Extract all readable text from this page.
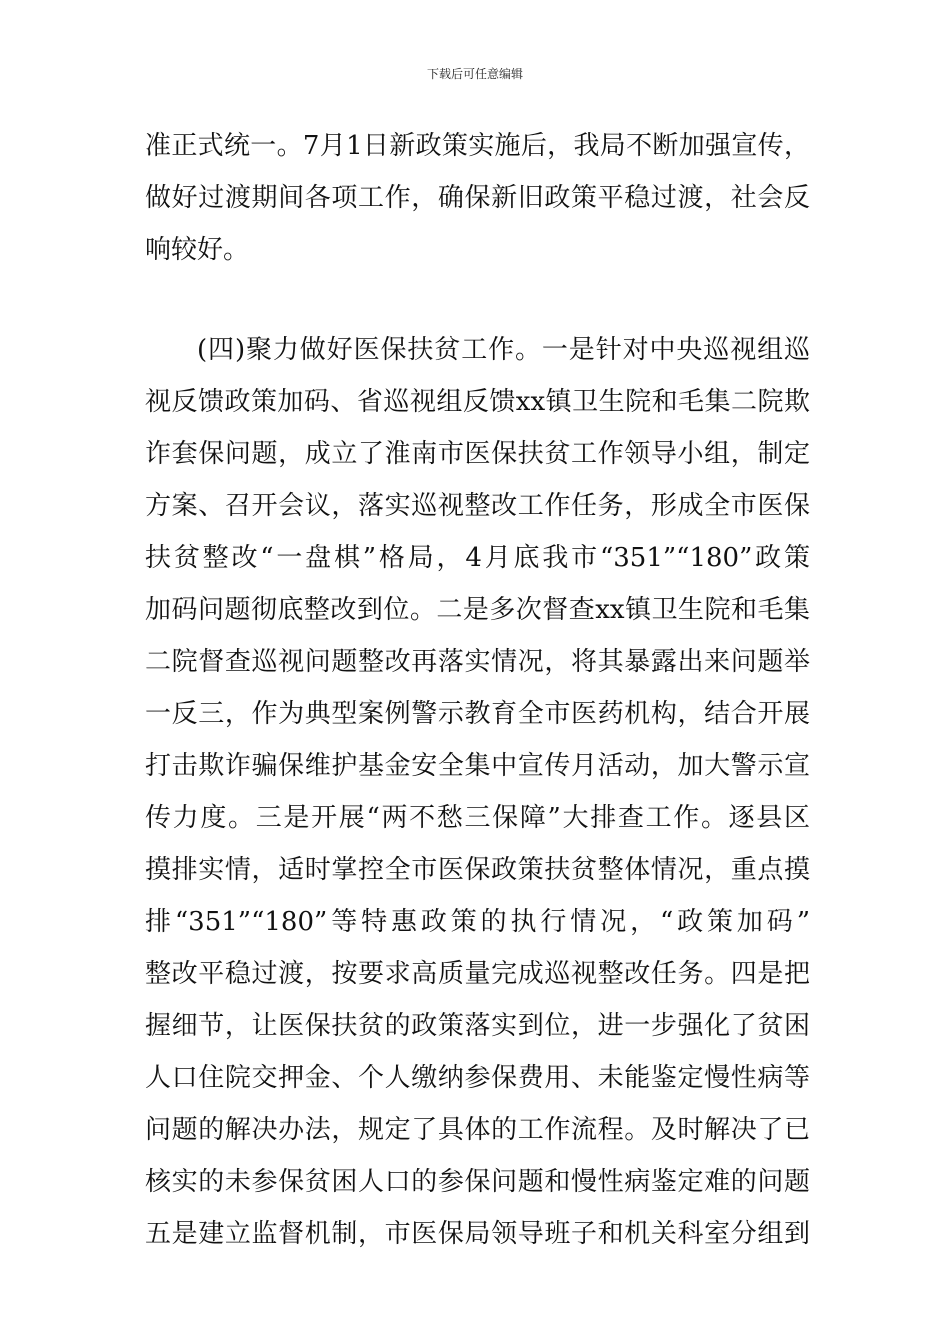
下载后可任意编辑
准正式统一。7月1日新政策实施后，我局不断加强宣传，
做好过渡期间各项工作，确保新旧政策平稳过渡，社会反
响较好。
(四)聚力做好医保扶贫工作。一是针对中央巡视组巡
视反馈政策加码、省巡视组反馈xx镇卫生院和毛集二院欺
诈套保问题，成立了淮南市医保扶贫工作领导小组，制定
方案、召开会议，落实巡视整改工作任务，形成全市医保
扶贫整改“一盘棋”格局，4月底我市“351”“180”政策
加码问题彻底整改到位。二是多次督查xx镇卫生院和毛集
二院督查巡视问题整改再落实情况，将其暴露出来问题举
一反三，作为典型案例警示教育全市医药机构，结合开展
打击欺诈骗保维护基金安全集中宣传月活动，加大警示宣
传力度。三是开展“两不愁三保障”大排查工作。逐县区
摸排实情，适时掌控全市医保政策扶贫整体情况，重点摸
排“351”“180”等特惠政策的执行情况，“政策加码”
整改平稳过渡，按要求高质量完成巡视整改任务。四是把
握细节，让医保扶贫的政策落实到位，进一步强化了贫困
人口住院交押金、个人缴纳参保费用、未能鉴定慢性病等
问题的解决办法，规定了具体的工作流程。及时解决了已
核实的未参保贫困人口的参保问题和慢性病鉴定难的问题
五是建立监督机制，市医保局领导班子和机关科室分组到
